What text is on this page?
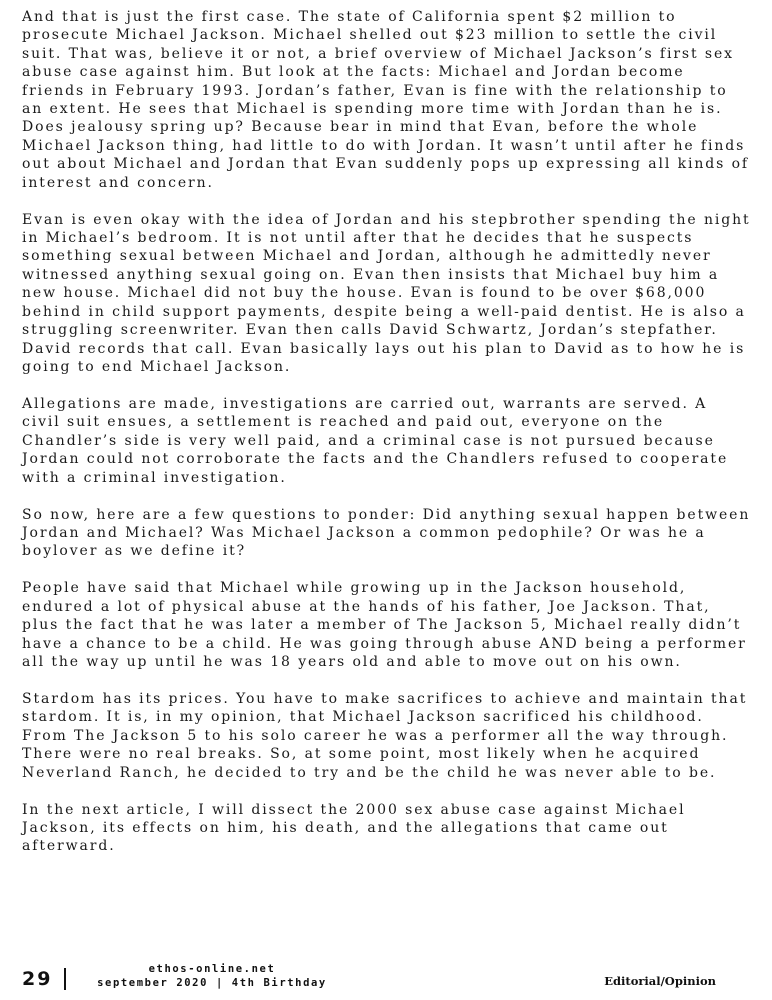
And that is just the first case. The state of California spent $2 million to prosecute Michael Jackson. Michael shelled out $23 million to settle the civil suit. That was, believe it or not, a brief overview of Michael Jackson’s first sex abuse case against him. But look at the facts: Michael and Jordan become friends in February 1993. Jordan’s father, Evan is fine with the relationship to an extent. He sees that Michael is spending more time with Jordan than he is. Does jealousy spring up? Because bear in mind that Evan, before the whole Michael Jackson thing, had little to do with Jordan. It wasn’t until after he finds out about Michael and Jordan that Evan suddenly pops up expressing all kinds of interest and concern.

Evan is even okay with the idea of Jordan and his stepbrother spending the night in Michael’s bedroom. It is not until after that he decides that he suspects something sexual between Michael and Jordan, although he admittedly never witnessed anything sexual going on. Evan then insists that Michael buy him a new house. Michael did not buy the house. Evan is found to be over $68,000 behind in child support payments, despite being a well-paid dentist. He is also a struggling screenwriter. Evan then calls David Schwartz, Jordan’s stepfather. David records that call. Evan basically lays out his plan to David as to how he is going to end Michael Jackson.

Allegations are made, investigations are carried out, warrants are served. A civil suit ensues, a settlement is reached and paid out, everyone on the Chandler’s side is very well paid, and a criminal case is not pursued because Jordan could not corroborate the facts and the Chandlers refused to cooperate with a criminal investigation.

So now, here are a few questions to ponder: Did anything sexual happen between Jordan and Michael? Was Michael Jackson a common pedophile? Or was he a boylover as we define it?

People have said that Michael while growing up in the Jackson household, endured a lot of physical abuse at the hands of his father, Joe Jackson. That, plus the fact that he was later a member of The Jackson 5, Michael really didn’t have a chance to be a child. He was going through abuse AND being a performer all the way up until he was 18 years old and able to move out on his own.

Stardom has its prices. You have to make sacrifices to achieve and maintain that stardom. It is, in my opinion, that Michael Jackson sacrificed his childhood. From The Jackson 5 to his solo career he was a performer all the way through. There were no real breaks. So, at some point, most likely when he acquired Neverland Ranch, he decided to try and be the child he was never able to be.

In the next article, I will dissect the 2000 sex abuse case against Michael Jackson, its effects on him, his death, and the allegations that came out afterward.

29	ethos-online.net
september 2020 | 4th Birthday	Editorial/Opinion
